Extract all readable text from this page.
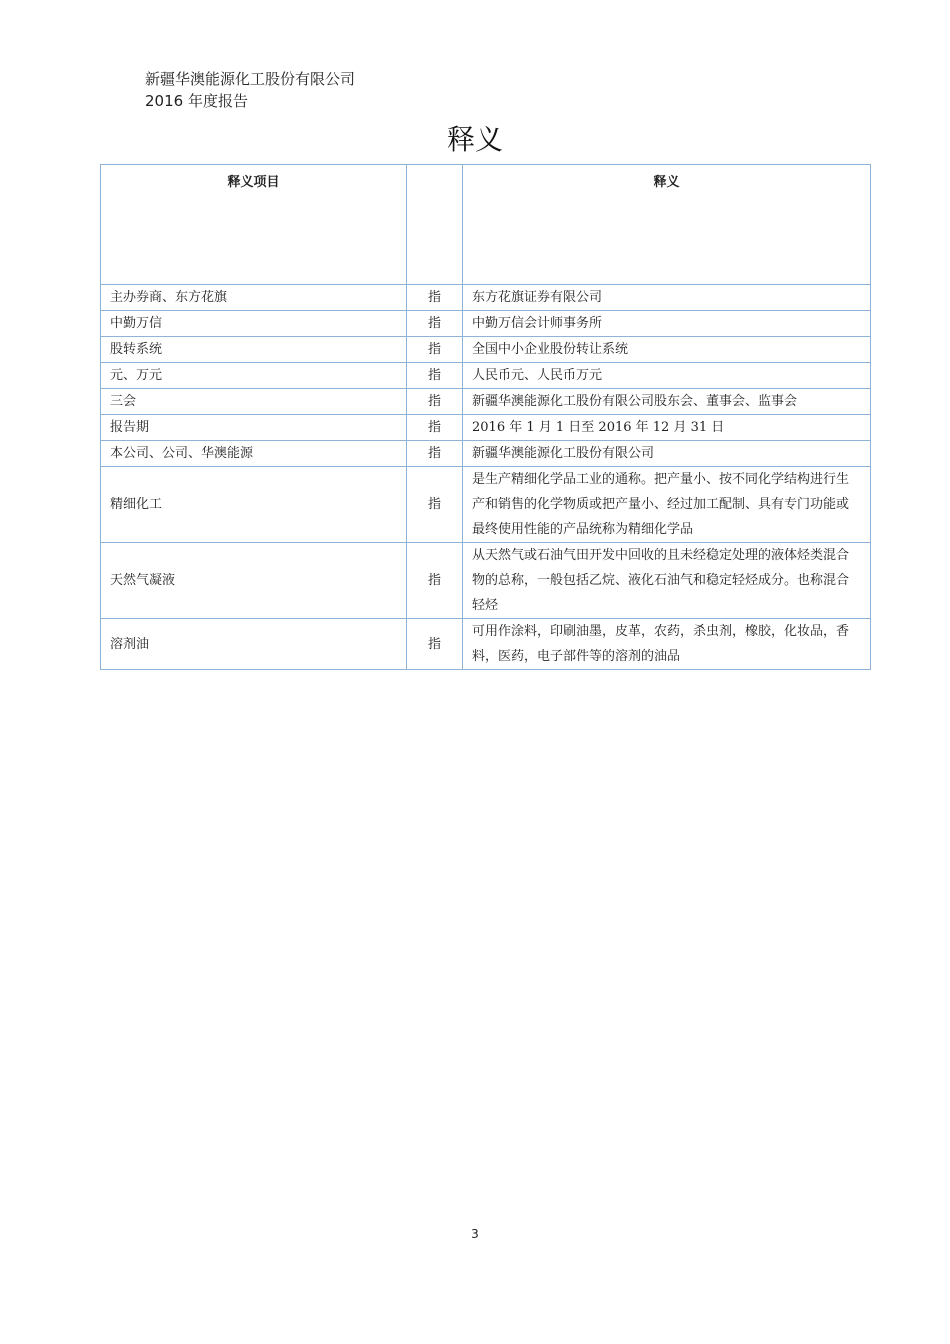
新疆华澳能源化工股份有限公司
2016 年度报告
释义
释义项目		释义
主办券商、东方花旗	指	东方花旗证券有限公司
中勤万信	指	中勤万信会计师事务所
股转系统	指	全国中小企业股份转让系统
元、万元	指	人民币元、人民币万元
三会	指	新疆华澳能源化工股份有限公司股东会、董事会、监事会
报告期	指	2016 年 1 月 1 日至 2016 年 12 月 31 日
本公司、公司、华澳能源	指	新疆华澳能源化工股份有限公司
精细化工	指	是生产精细化学品工业的通称。把产量小、按不同化学结构进行生产和销售的化学物质或把产量小、经过加工配制、具有专门功能或最终使用性能的产品统称为精细化学品
天然气凝液	指	从天然气或石油气田开发中回收的且未经稳定处理的液体烃类混合物的总称，一般包括乙烷、液化石油气和稳定轻烃成分。也称混合轻烃
溶剂油	指	可用作涂料，印刷油墨，皮革，农药，杀虫剂，橡胶，化妆品，香料，医药，电子部件等的溶剂的油品
3
